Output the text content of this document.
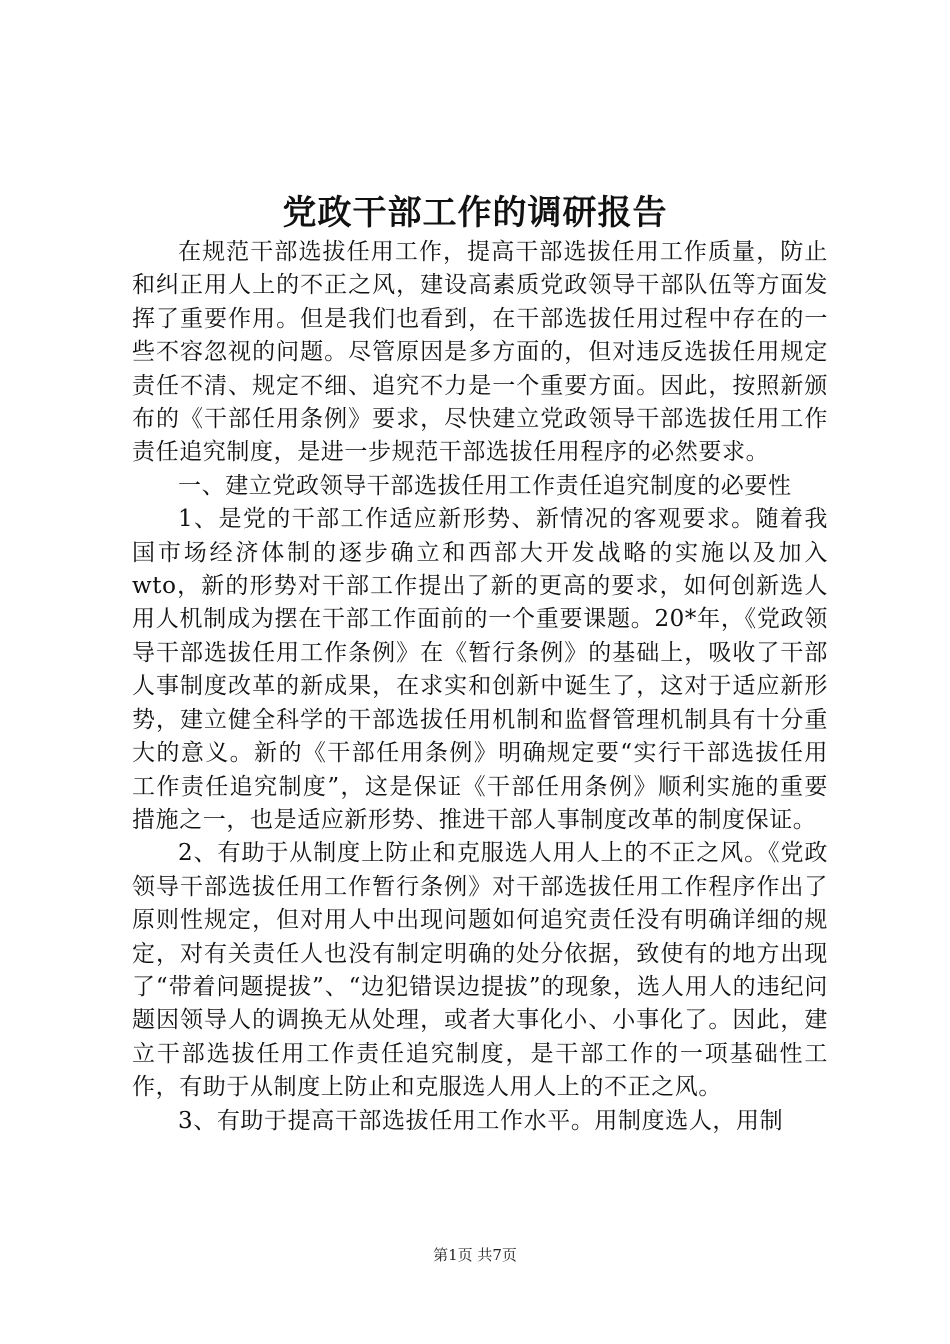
党政干部工作的调研报告

在规范干部选拔任用工作，提高干部选拔任用工作质量，防止和纠正用人上的不正之风，建设高素质党政领导干部队伍等方面发挥了重要作用。但是我们也看到，在干部选拔任用过程中存在的一些不容忽视的问题。尽管原因是多方面的，但对违反选拔任用规定责任不清、规定不细、追究不力是一个重要方面。因此，按照新颁布的《干部任用条例》要求，尽快建立党政领导干部选拔任用工作责任追究制度，是进一步规范干部选拔任用程序的必然要求。

一、建立党政领导干部选拔任用工作责任追究制度的必要性

1、是党的干部工作适应新形势、新情况的客观要求。随着我国市场经济体制的逐步确立和西部大开发战略的实施以及加入wto，新的形势对干部工作提出了新的更高的要求，如何创新选人用人机制成为摆在干部工作面前的一个重要课题。20*年，《党政领导干部选拔任用工作条例》在《暂行条例》的基础上，吸收了干部人事制度改革的新成果，在求实和创新中诞生了，这对于适应新形势，建立健全科学的干部选拔任用机制和监督管理机制具有十分重大的意义。新的《干部任用条例》明确规定要“实行干部选拔任用工作责任追究制度”，这是保证《干部任用条例》顺利实施的重要措施之一，也是适应新形势、推进干部人事制度改革的制度保证。

2、有助于从制度上防止和克服选人用人上的不正之风。《党政领导干部选拔任用工作暂行条例》对干部选拔任用工作程序作出了原则性规定，但对用人中出现问题如何追究责任没有明确详细的规定，对有关责任人也没有制定明确的处分依据，致使有的地方出现了“带着问题提拔”、“边犯错误边提拔”的现象，选人用人的违纪问题因领导人的调换无从处理，或者大事化小、小事化了。因此，建立干部选拔任用工作责任追究制度，是干部工作的一项基础性工作，有助于从制度上防止和克服选人用人上的不正之风。

3、有助于提高干部选拔任用工作水平。用制度选人，用制

第1页 共7页
